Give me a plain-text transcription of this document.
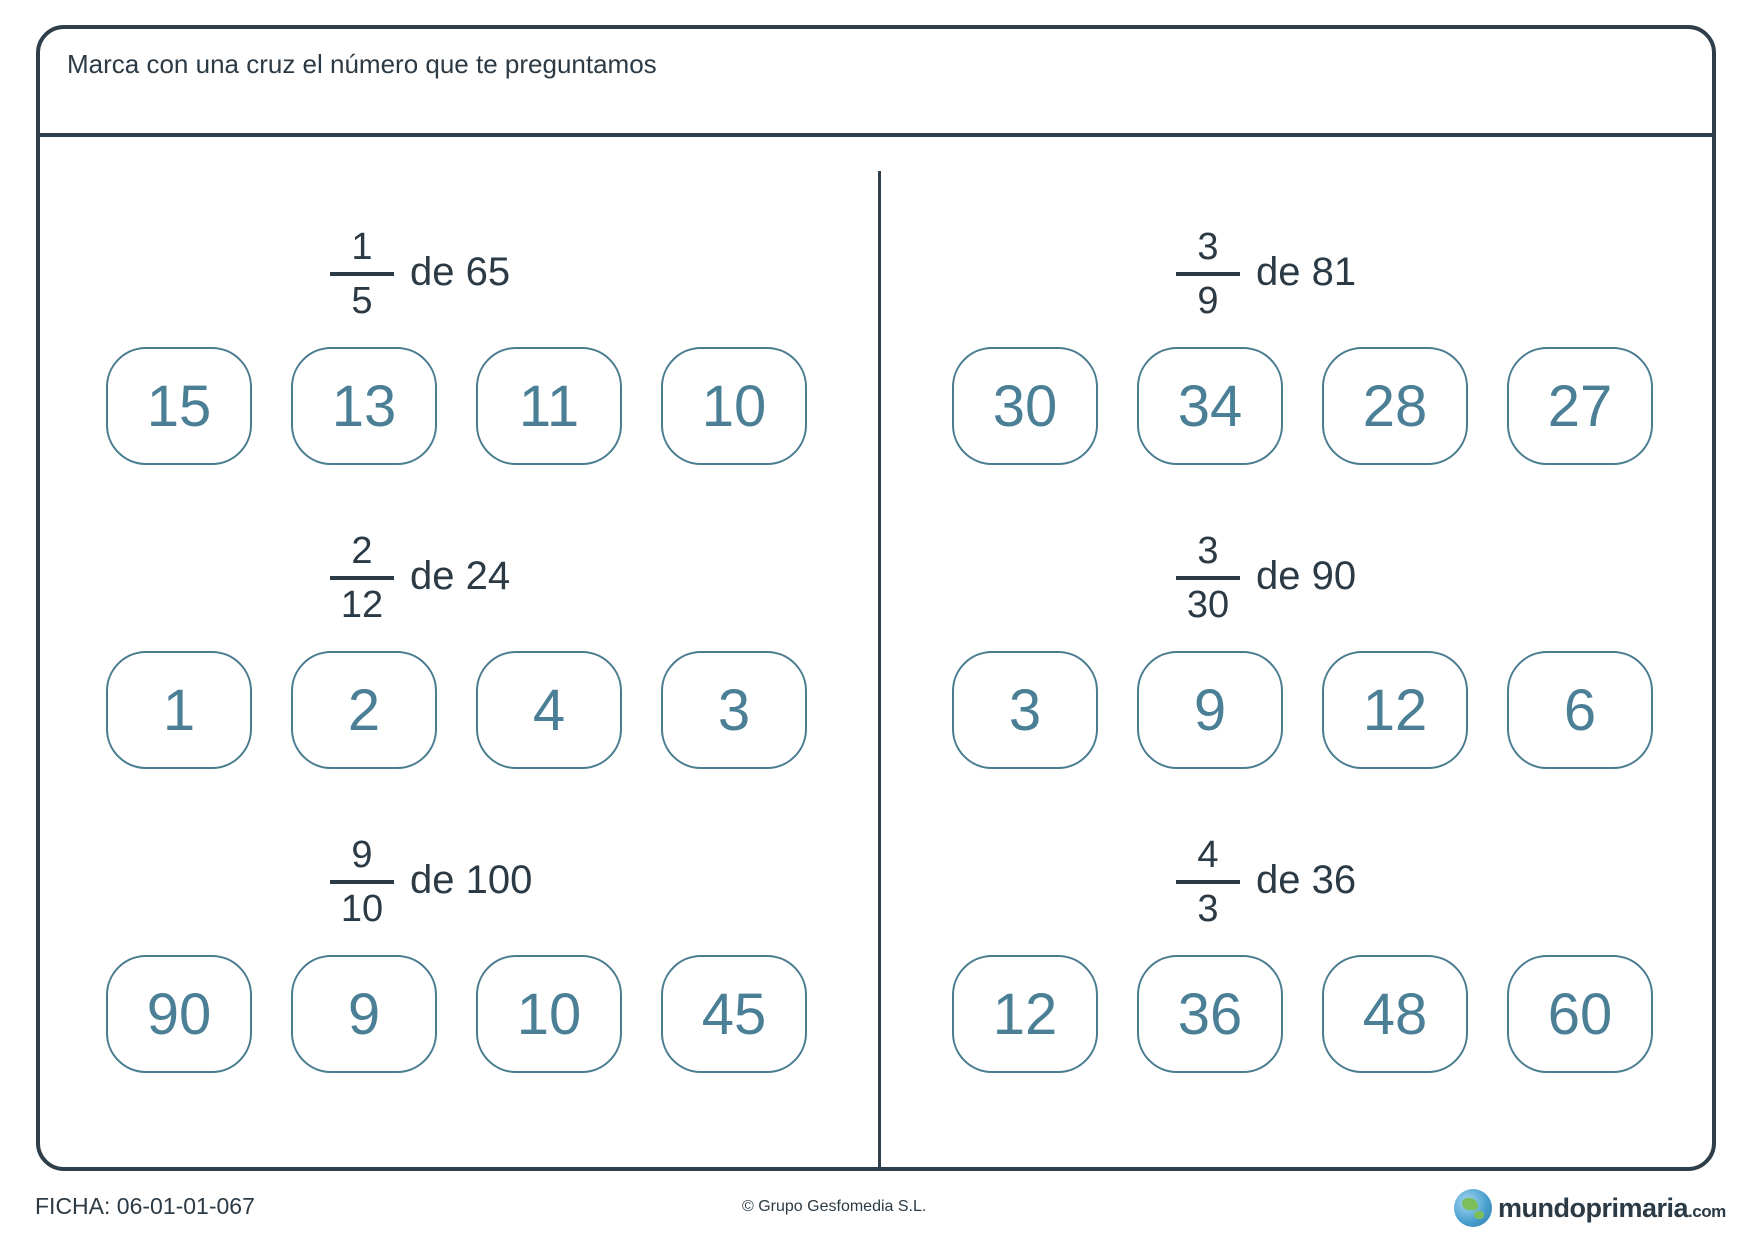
Marca con una cruz el número que te preguntamos
1
5
de 65
15	13	11	10
2
12
de 24
1	2	4	3
9
10
de 100
90	9	10	45
3
9
de 81
30	34	28	27
3
30
de 90
3	9	12	6
4
3
de 36
12	36	48	60
FICHA: 06-01-01-067	© Grupo Gesfomedia S.L.	mundoprimaria.com
